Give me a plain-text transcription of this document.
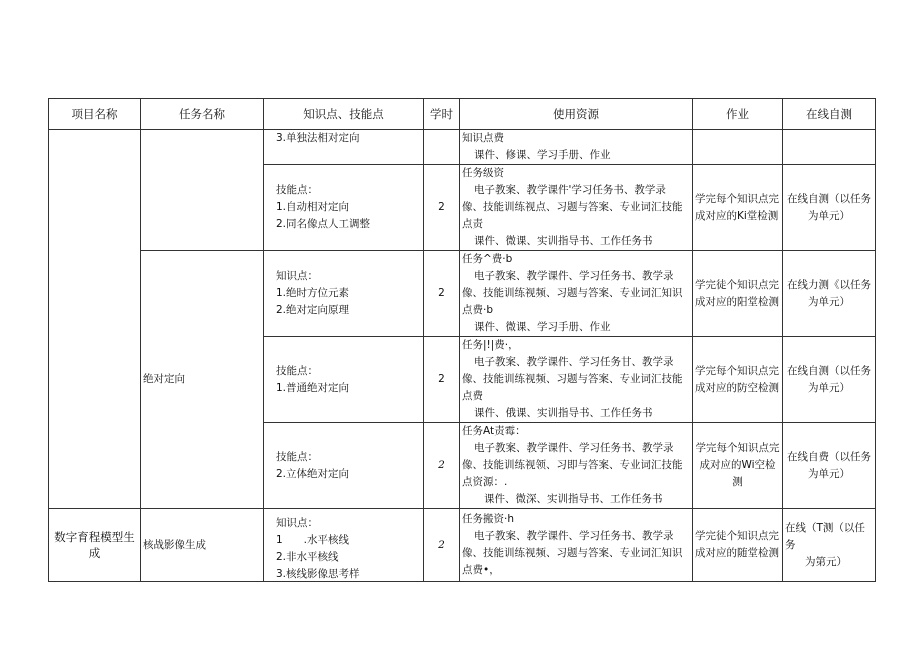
项目名称	任务名称	知识点、技能点	学时	使用资源	作业	在线自测

		3.单独法相对定向		知识点费
课件、修课、学习手册、作业		

		技能点：
1.自动相对定向
2.同名像点人工调整	2	任务级资
电子教案、教学课件'学习任务书、教学录
像、技能训练视点、习题与答案、专业词汇技能
点责
课件、微课、实训指导书、工作任务书	学完每个知识点完
成对应的Ki堂检测	在线自测（以任务
为单元）

	绝对定向	知识点：
1.绝时方位元素
2.绝对定向原理	2	任务^费·b
电子教案、教学课件、学习任务书、教学录
像、技能训练视频、习题与答案、专业词汇知识
点费·b
课件、微课、学习手册、作业	学完徒个知识点完
成对应的阳堂检测	在线力测《以任务
为单元）

		技能点：
1.普通绝对定向	2	任务|!|费·，
电子教案、教学课件、学习任务甘、教学录
像、技能训练视频、习题与答案、专业词汇技能
点费
课件、俄课、实训指导书、工作任务书	学完每个知识点完
成对应的防空检测	在线自测（以任务
为单元）

		技能点：
2.立体绝对定向	2	任务At责霉：
电子教案、教学课件、学习任务书、教学录
像、技能训练视领、习即与答案、专业词汇技能
点资源：.
课件、微深、实训指导书、工作任务书	学完每个知识点完
成对应的Wi空检
测	在线自费（以任务
为单元）

数字育程模型生成	核战影像生成	知识点：
1　　.水平核线
2.非水平核线
3.核线影像思考样	2	任务搬资·h
电子教案、教学课件、学习任务书、教学录
像、技能训练视频、习题与答案、专业词汇知识
点费•，	学完徒个知识点完
成对应的随堂检测	在线（T测（以任
务
为第元）
